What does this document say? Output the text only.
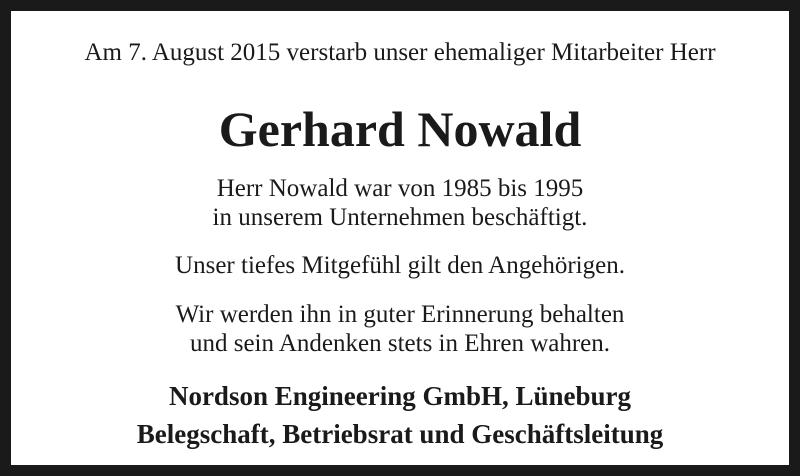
Am 7. August 2015 verstarb unser ehemaliger Mitarbeiter Herr
Gerhard Nowald
Herr Nowald war von 1985 bis 1995
in unserem Unternehmen beschäftigt.
Unser tiefes Mitgefühl gilt den Angehörigen.
Wir werden ihn in guter Erinnerung behalten
und sein Andenken stets in Ehren wahren.
Nordson Engineering GmbH, Lüneburg
Belegschaft, Betriebsrat und Geschäftsleitung
